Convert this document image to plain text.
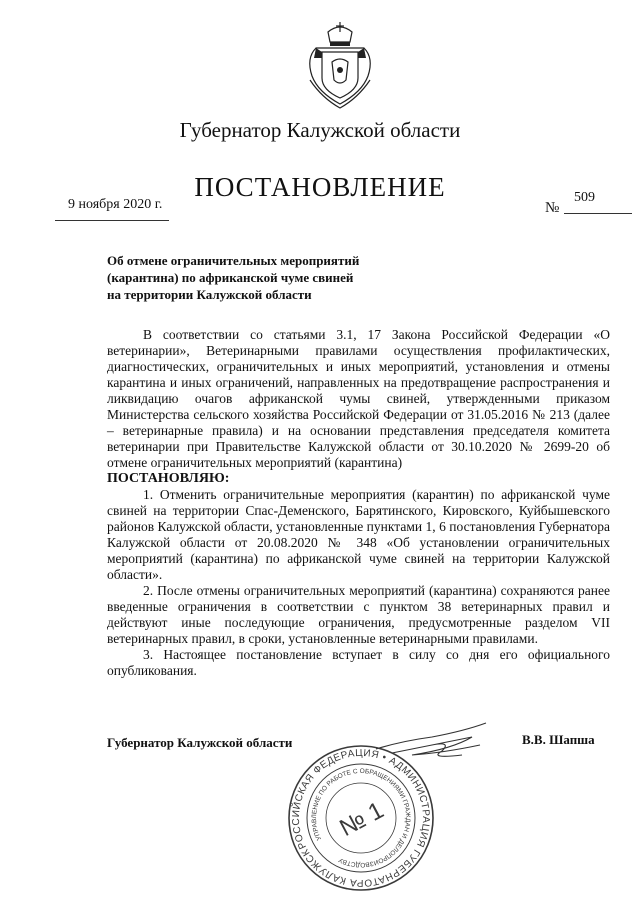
Губернатор Калужской области
ПОСТАНОВЛЕНИЕ
9 ноября 2020 г.	№
509
Об отмене ограничительных мероприятий
(карантина) по африканской чуме свиней
на территории Калужской области

В соответствии со статьями 3.1, 17 Закона Российской Федерации «О ветеринарии», Ветеринарными правилами осуществления профилактических, диагностических, ограничительных и иных мероприятий, установления и отмены карантина и иных ограничений, направленных на предотвращение распространения и ликвидацию очагов африканской чумы свиней, утвержденными приказом Министерства сельского хозяйства Российской Федерации от 31.05.2016 № 213 (далее – ветеринарные правила) и на основании представления председателя комитета ветеринарии при Правительстве Калужской области от 30.10.2020 № 2699-20 об отмене ограничительных мероприятий (карантина)

ПОСТАНОВЛЯЮ:

1. Отменить ограничительные мероприятия (карантин) по африканской чуме свиней на территории Спас-Деменского, Барятинского, Кировского, Куйбышевского районов Калужской области, установленные пунктами 1, 6 постановления Губернатора Калужской области от 20.08.2020 № 348 «Об установлении ограничительных мероприятий (карантина) по африканской чуме свиней на территории Калужской области».

2. После отмены ограничительных мероприятий (карантина) сохраняются ранее введенные ограничения в соответствии с пунктом 38 ветеринарных правил и действуют иные последующие ограничения, предусмотренные разделом VII ветеринарных правил, в сроки, установленные ветеринарными правилами.

3. Настоящее постановление вступает в силу со дня его официального опубликования.

Губернатор Калужской области	В.В. Шапша
РОССИЙСКАЯ ФЕДЕРАЦИЯ • АДМИНИСТРАЦИЯ ГУБЕРНАТОРА КАЛУЖСКОЙ
УПРАВЛЕНИЕ ПО РАБОТЕ С ОБРАЩЕНИЯМИ ГРАЖДАН И ДЕЛОПРОИЗВОДСТВУ
№ 1
